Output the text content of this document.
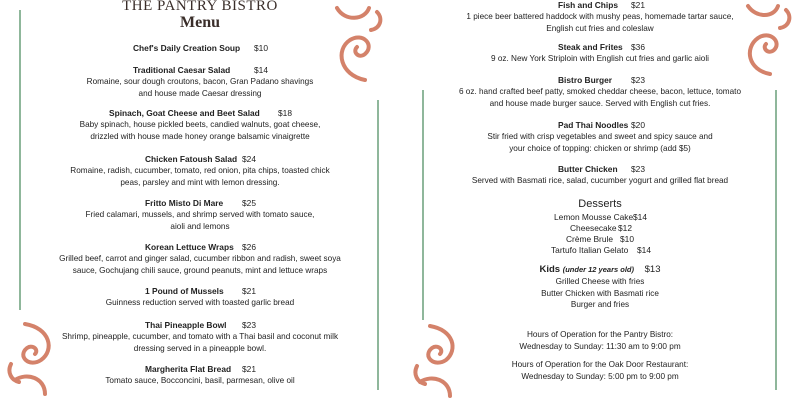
THE PANTRY BISTRO
Menu
Chef's Daily Creation Soup $10
Traditional Caesar Salad	$14
Romaine, sour dough croutons, bacon, Gran Padano shavings
and house made Caesar dressing
Spinach, Goat Cheese and Beet Salad $18
Baby spinach, house pickled beets, candied walnuts, goat cheese,
drizzled with house made honey orange balsamic vinaigrette
Chicken Fatoush Salad $24
Romaine, radish, cucumber, tomato, red onion, pita chips, toasted chick
peas, parsley and mint with lemon dressing.
Fritto Misto Di Mare $25
Fried calamari, mussels, and shrimp served with tomato sauce,
aioli and lemons
Korean Lettuce Wraps $26
Grilled beef, carrot and ginger salad, cucumber ribbon and radish, sweet soya
sauce, Gochujang chili sauce, ground peanuts, mint and lettuce wraps
1 Pound of Mussels $21
Guinness reduction served with toasted garlic bread
Thai Pineapple Bowl $23
Shrimp, pineapple, cucumber, and tomato with a Thai basil and coconut milk
dressing served in a pineapple bowl.
Margherita Flat Bread $21
Tomato sauce, Bocconcini, basil, parmesan, olive oil
Fish and Chips $21
1 piece beer battered haddock with mushy peas, homemade tartar sauce,
English cut fries and coleslaw
Steak and Frites $36
9 oz. New York Striploin with English cut fries and garlic aioli
Bistro Burger $23
6 oz. hand crafted beef patty, smoked cheddar cheese, bacon, lettuce, tomato
and house made burger sauce. Served with English cut fries.
Pad Thai Noodles $20
Stir fried with crisp vegetables and sweet and spicy sauce and
your choice of topping: chicken or shrimp (add $5)
Butter Chicken $23
Served with Basmati rice, salad, cucumber yogurt and grilled flat bread
Desserts
Lemon Mousse Cake $14
Cheesecake $12
Crème Brule $10
Tartufo Italian Gelato $14
Kids (under 12 years old) $13
Grilled Cheese with fries
Butter Chicken with Basmati rice
Burger and fries
Hours of Operation for the Pantry Bistro:
Wednesday to Sunday: 11:30 am to 9:00 pm
Hours of Operation for the Oak Door Restaurant:
Wednesday to Sunday: 5:00 pm to 9:00 pm
